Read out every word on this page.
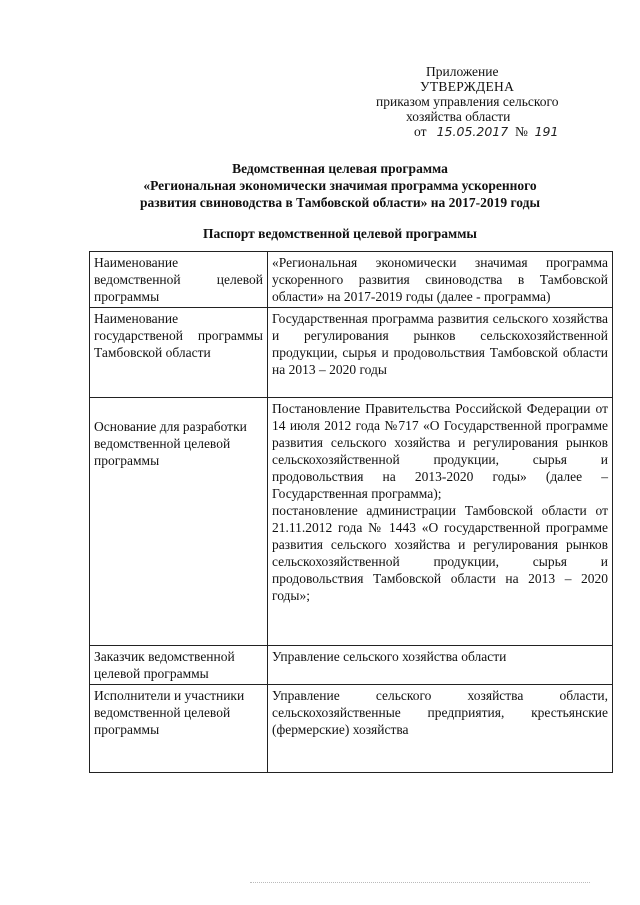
Приложение
УТВЕРЖДЕНА
приказом управления сельского
хозяйства области
от 15.05.2017 № 191
Ведомственная целевая программа
«Региональная экономически значимая программа ускоренного
развития свиноводства в Тамбовской области» на 2017-2019 годы
Паспорт ведомственной целевой программы
Наименование ведомственной целевой программы	«Региональная экономически значимая программа ускоренного развития свиноводства в Тамбовской области» на 2017-2019 годы (далее - программа)

Наименование государственой программы Тамбовской области	Государственная программа развития сельского хозяйства и регулирования рынков сельскохозяйственной продукции, сырья и продовольствия Тамбовской области на 2013 – 2020 годы

Основание для разработки ведомственной целевой программы	Постановление Правительства Российской Федерации от 14 июля 2012 года №717 «О Государственной программе развития сельского хозяйства и регулирования рынков сельскохозяйственной продукции, сырья и продовольствия на 2013-2020 годы» (далее – Государственная программа);

постановление администрации Тамбовской области от 21.11.2012 года № 1443 «О государственной программе развития сельского хозяйства и регулирования рынков сельскохозяйственной продукции, сырья и продовольствия Тамбовской области на 2013 – 2020 годы»;

Заказчик ведомственной целевой программы	Управление сельского хозяйства области

Исполнители и участники ведомственной целевой программы	Управление сельского хозяйства области, сельскохозяйственные предприятия, крестьянские (фермерские) хозяйства
